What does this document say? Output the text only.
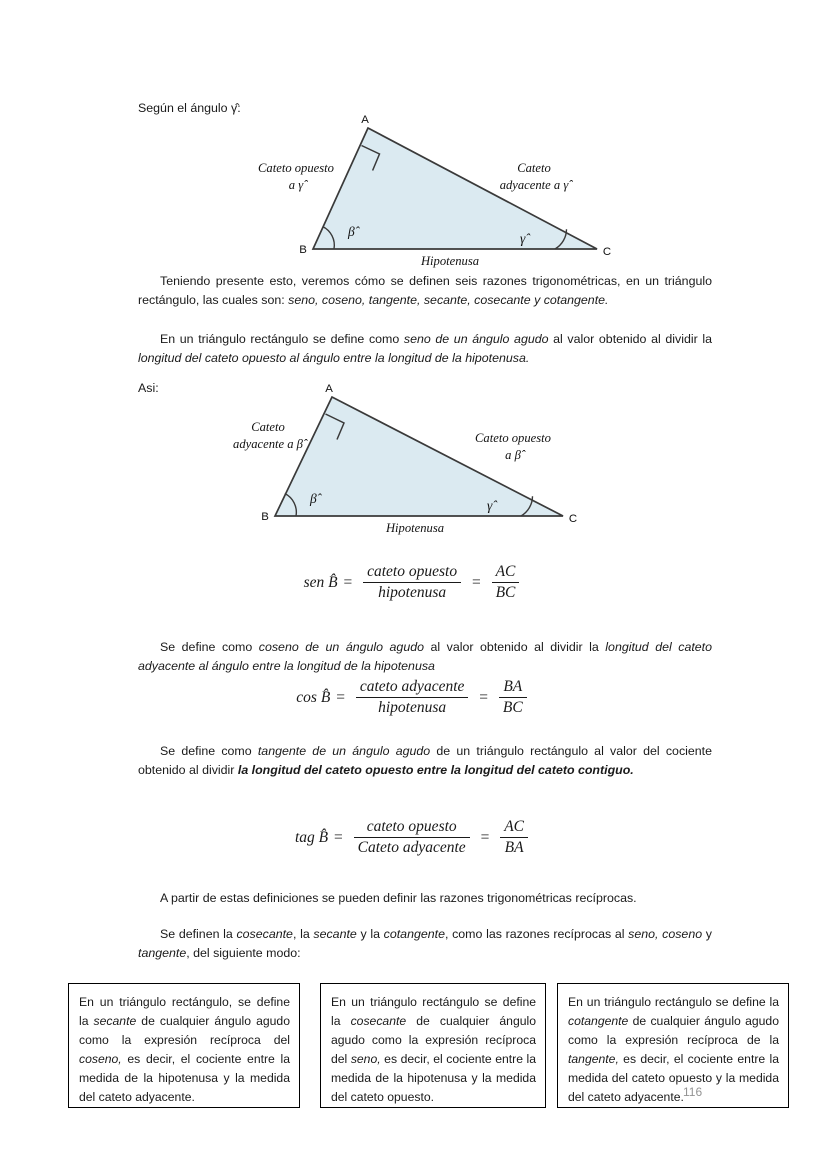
Según el ángulo γ̂:
A
B	C
β̂	γ̂
Cateto opuesto
a γ̂
Cateto
adyacente a γ̂
Hipotenusa
Teniendo presente esto, veremos cómo se definen seis razones trigonométricas, en un triángulo rectángulo, las cuales son: seno, coseno, tangente, secante, cosecante y cotangente.
En un triángulo rectángulo se define como seno de un ángulo agudo al valor obtenido al dividir la longitud del cateto opuesto al ángulo entre la longitud de la hipotenusa.
Asi:	A
B	C
β̂	γ̂
Cateto
adyacente a β̂	Cateto opuesto
a β̂
Hipotenusa
sen B̂ = $\frac{\text{cateto opuesto}}{\text{hipotenusa}} = \frac{AC}{BC}$
Se define como coseno de un ángulo agudo al valor obtenido al dividir la longitud del cateto adyacente al ángulo entre la longitud de la hipotenusa
cos B̂ = $\frac{\text{cateto adyacente}}{\text{hipotenusa}} = \frac{BA}{BC}$
Se define como tangente de un ángulo agudo de un triángulo rectángulo al valor del cociente obtenido al dividir la longitud del cateto opuesto entre la longitud del cateto contiguo.
tag B̂ = $\frac{\text{cateto opuesto}}{\text{Cateto adyacente}} = \frac{AC}{BA}$
A partir de estas definiciones se pueden definir las razones trigonométricas recíprocas.
Se definen la cosecante, la secante y la cotangente, como las razones recíprocas al seno, coseno y tangente, del siguiente modo:
En un triángulo rectángulo, se define la secante de cualquier ángulo agudo como la expresión recíproca del coseno, es decir, el cociente entre la medida de la hipotenusa y la medida del cateto adyacente.
En un triángulo rectángulo se define la cosecante de cualquier ángulo agudo como la expresión recíproca del seno, es decir, el cociente entre la medida de la hipotenusa y la medida del cateto opuesto.
En un triángulo rectángulo se define la cotangente de cualquier ángulo agudo como la expresión recíproca de la tangente, es decir, el cociente entre la medida del cateto opuesto y la medida del cateto adyacente. 116
